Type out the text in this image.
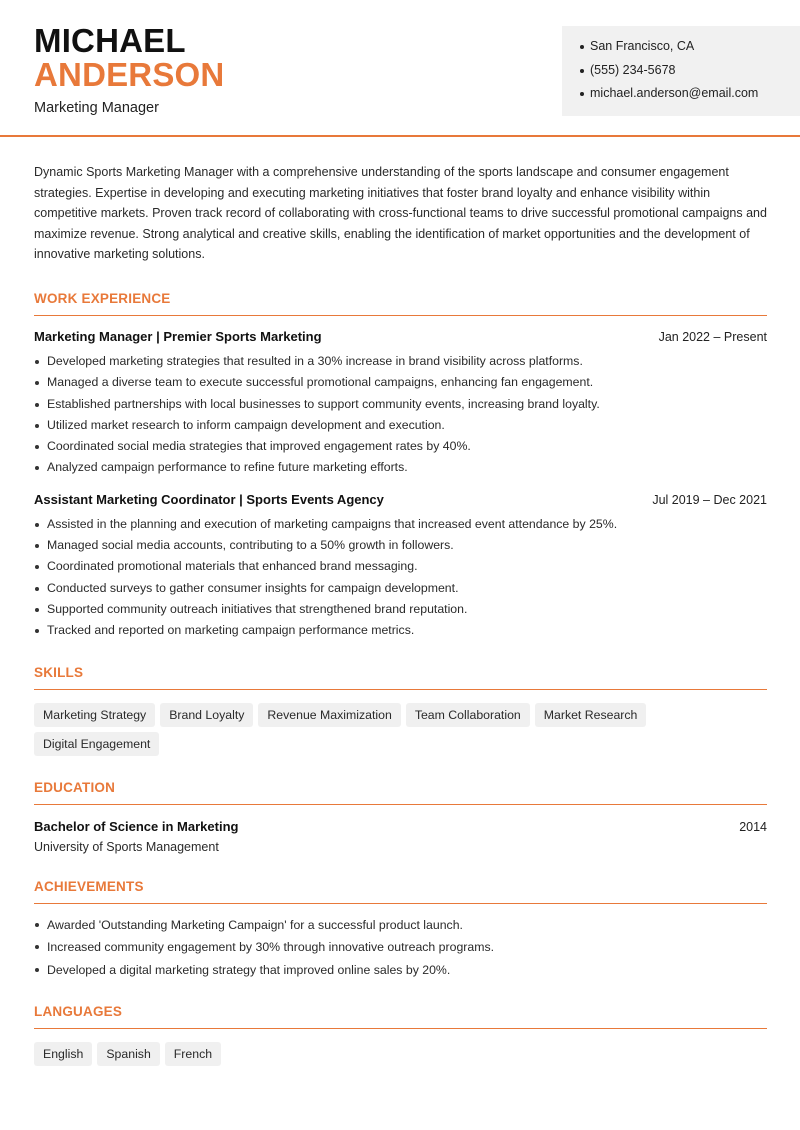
MICHAEL
ANDERSON
Marketing Manager
San Francisco, CA
(555) 234-5678
michael.anderson@email.com

Dynamic Sports Marketing Manager with a comprehensive understanding of the sports landscape and consumer engagement strategies. Expertise in developing and executing marketing initiatives that foster brand loyalty and enhance visibility within competitive markets. Proven track record of collaborating with cross-functional teams to drive successful promotional campaigns and maximize revenue. Strong analytical and creative skills, enabling the identification of market opportunities and the development of innovative marketing solutions.

WORK EXPERIENCE
Marketing Manager | Premier Sports Marketing	Jan 2022 – Present
Developed marketing strategies that resulted in a 30% increase in brand visibility across platforms.
Managed a diverse team to execute successful promotional campaigns, enhancing fan engagement.
Established partnerships with local businesses to support community events, increasing brand loyalty.
Utilized market research to inform campaign development and execution.
Coordinated social media strategies that improved engagement rates by 40%.
Analyzed campaign performance to refine future marketing efforts.
Assistant Marketing Coordinator | Sports Events Agency	Jul 2019 – Dec 2021
Assisted in the planning and execution of marketing campaigns that increased event attendance by 25%.
Managed social media accounts, contributing to a 50% growth in followers.
Coordinated promotional materials that enhanced brand messaging.
Conducted surveys to gather consumer insights for campaign development.
Supported community outreach initiatives that strengthened brand reputation.
Tracked and reported on marketing campaign performance metrics.
SKILLS
Marketing Strategy	Brand Loyalty	Revenue Maximization	Team Collaboration	Market Research
Digital Engagement
EDUCATION
Bachelor of Science in Marketing	2014
University of Sports Management
ACHIEVEMENTS
Awarded 'Outstanding Marketing Campaign' for a successful product launch.
Increased community engagement by 30% through innovative outreach programs.
Developed a digital marketing strategy that improved online sales by 20%.
LANGUAGES
English	Spanish	French
